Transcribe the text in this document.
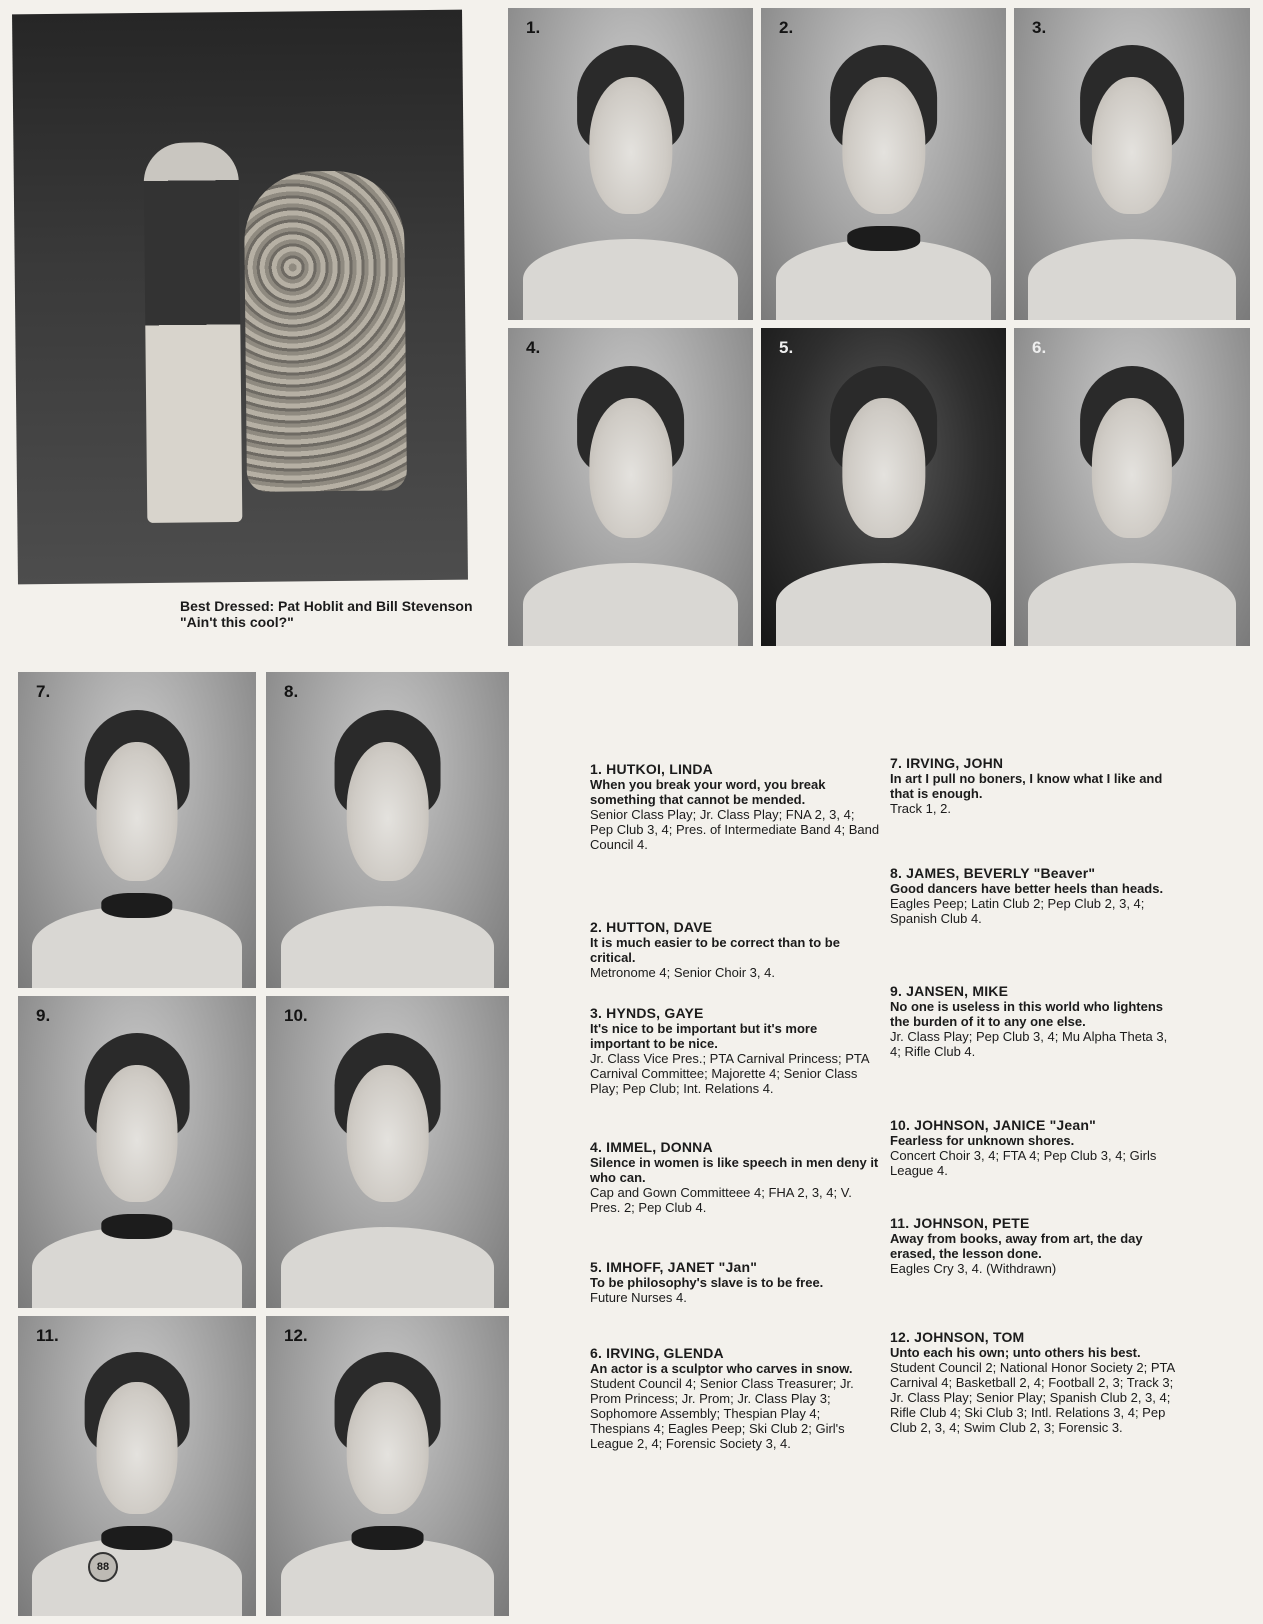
Best Dressed: Pat Hoblit and Bill Stevenson
"Ain't this cool?"
1.	2.	3.
4.	5.	6.
7.	8.
9.	10.
11.	12.
88
1. HUTKOI, LINDA
When you break your word, you break something that cannot be mended.
Senior Class Play; Jr. Class Play; FNA 2, 3, 4; Pep Club 3, 4; Pres. of Intermediate Band 4; Band Council 4.
2. HUTTON, DAVE
It is much easier to be correct than to be critical.
Metronome 4; Senior Choir 3, 4.
3. HYNDS, GAYE
It's nice to be important but it's more important to be nice.
Jr. Class Vice Pres.; PTA Carnival Princess; PTA Carnival Committee; Majorette 4; Senior Class Play; Pep Club; Int. Relations 4.
4. IMMEL, DONNA
Silence in women is like speech in men deny it who can.
Cap and Gown Committeee 4; FHA 2, 3, 4; V. Pres. 2; Pep Club 4.
5. IMHOFF, JANET "Jan"
To be philosophy's slave is to be free.
Future Nurses 4.
6. IRVING, GLENDA
An actor is a sculptor who carves in snow.
Student Council 4; Senior Class Treasurer; Jr. Prom Princess; Jr. Prom; Jr. Class Play 3; Sophomore Assembly; Thespian Play 4; Thespians 4; Eagles Peep; Ski Club 2; Girl's League 2, 4; Forensic Society 3, 4.
7. IRVING, JOHN
In art I pull no boners, I know what I like and that is enough.
Track 1, 2.
8. JAMES, BEVERLY "Beaver"
Good dancers have better heels than heads.
Eagles Peep; Latin Club 2; Pep Club 2, 3, 4; Spanish Club 4.
9. JANSEN, MIKE
No one is useless in this world who lightens the burden of it to any one else.
Jr. Class Play; Pep Club 3, 4; Mu Alpha Theta 3, 4; Rifle Club 4.
10. JOHNSON, JANICE "Jean"
Fearless for unknown shores.
Concert Choir 3, 4; FTA 4; Pep Club 3, 4; Girls League 4.
11. JOHNSON, PETE
Away from books, away from art, the day erased, the lesson done.
Eagles Cry 3, 4. (Withdrawn)
12. JOHNSON, TOM
Unto each his own; unto others his best.
Student Council 2; National Honor Society 2; PTA Carnival 4; Basketball 2, 4; Football 2, 3; Track 3; Jr. Class Play; Senior Play; Spanish Club 2, 3, 4; Rifle Club 4; Ski Club 3; Intl. Relations 3, 4; Pep Club 2, 3, 4; Swim Club 2, 3; Forensic 3.
